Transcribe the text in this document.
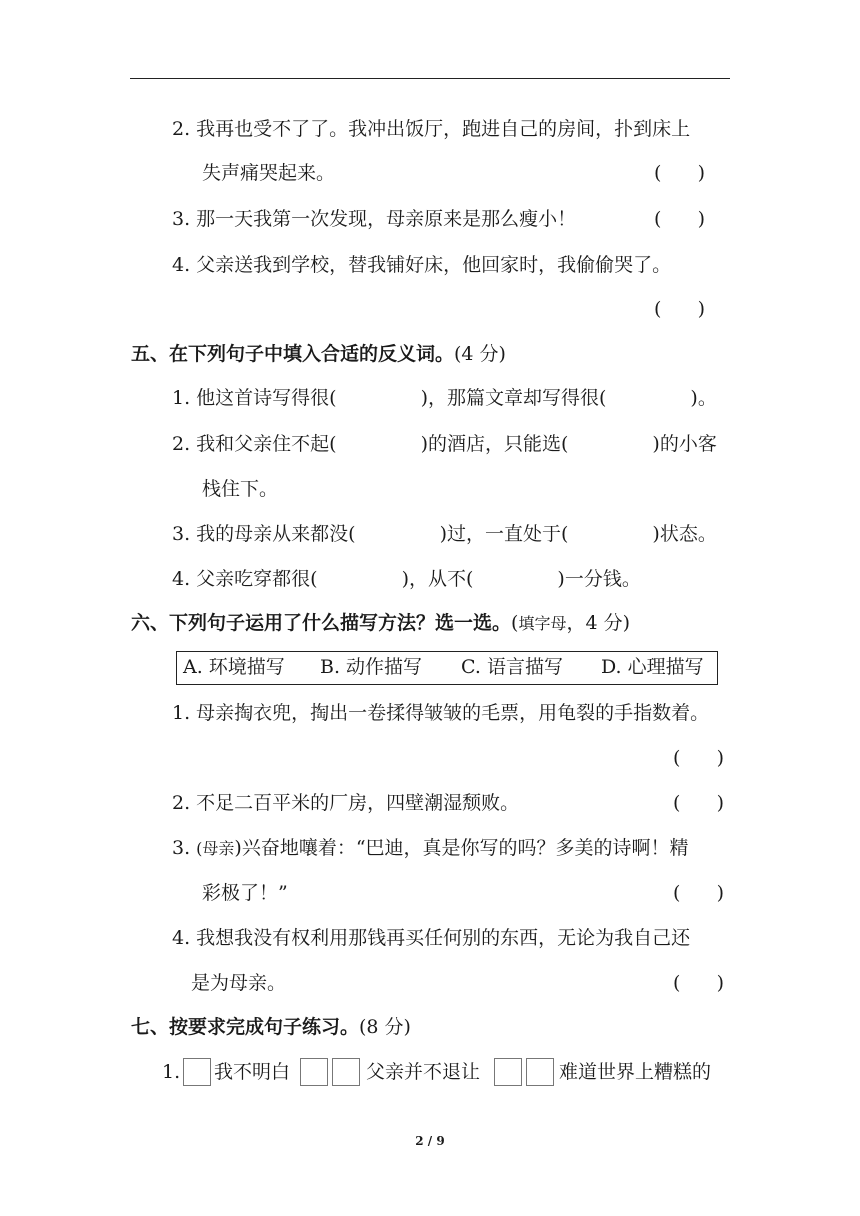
2. 我再也受不了了。我冲出饭厅，跑进自己的房间，扑到床上
失声痛哭起来。	(      )
3. 那一天我第一次发现，母亲原来是那么瘦小！	(      )
4. 父亲送我到学校，替我铺好床，他回家时，我偷偷哭了。
(      )
五、在下列句子中填入合适的反义词。(4 分)
1. 他这首诗写得很(	)，那篇文章却写得很(	)。
2. 我和父亲住不起(	)的酒店，只能选(	)的小客
栈住下。
3. 我的母亲从来都没(	)过，一直处于(	)状态。
4. 父亲吃穿都很(	)，从不(	)一分钱。
六、下列句子运用了什么描写方法？选一选。(填字母，4 分)
A. 环境描写 B. 动作描写 C. 语言描写 D. 心理描写
1. 母亲掏衣兜，掏出一卷揉得皱皱的毛票，用龟裂的手指数着。
(      )
2. 不足二百平米的厂房，四壁潮湿颓败。	(      )
3. (母亲)兴奋地嚷着：“巴迪，真是你写的吗？多美的诗啊！精
彩极了！”	(      )
4. 我想我没有权利用那钱再买任何别的东西，无论为我自己还
是为母亲。	(      )
七、按要求完成句子练习。(8 分)
1. 我不明白	父亲并不退让	难道世界上糟糕的
2 / 9
